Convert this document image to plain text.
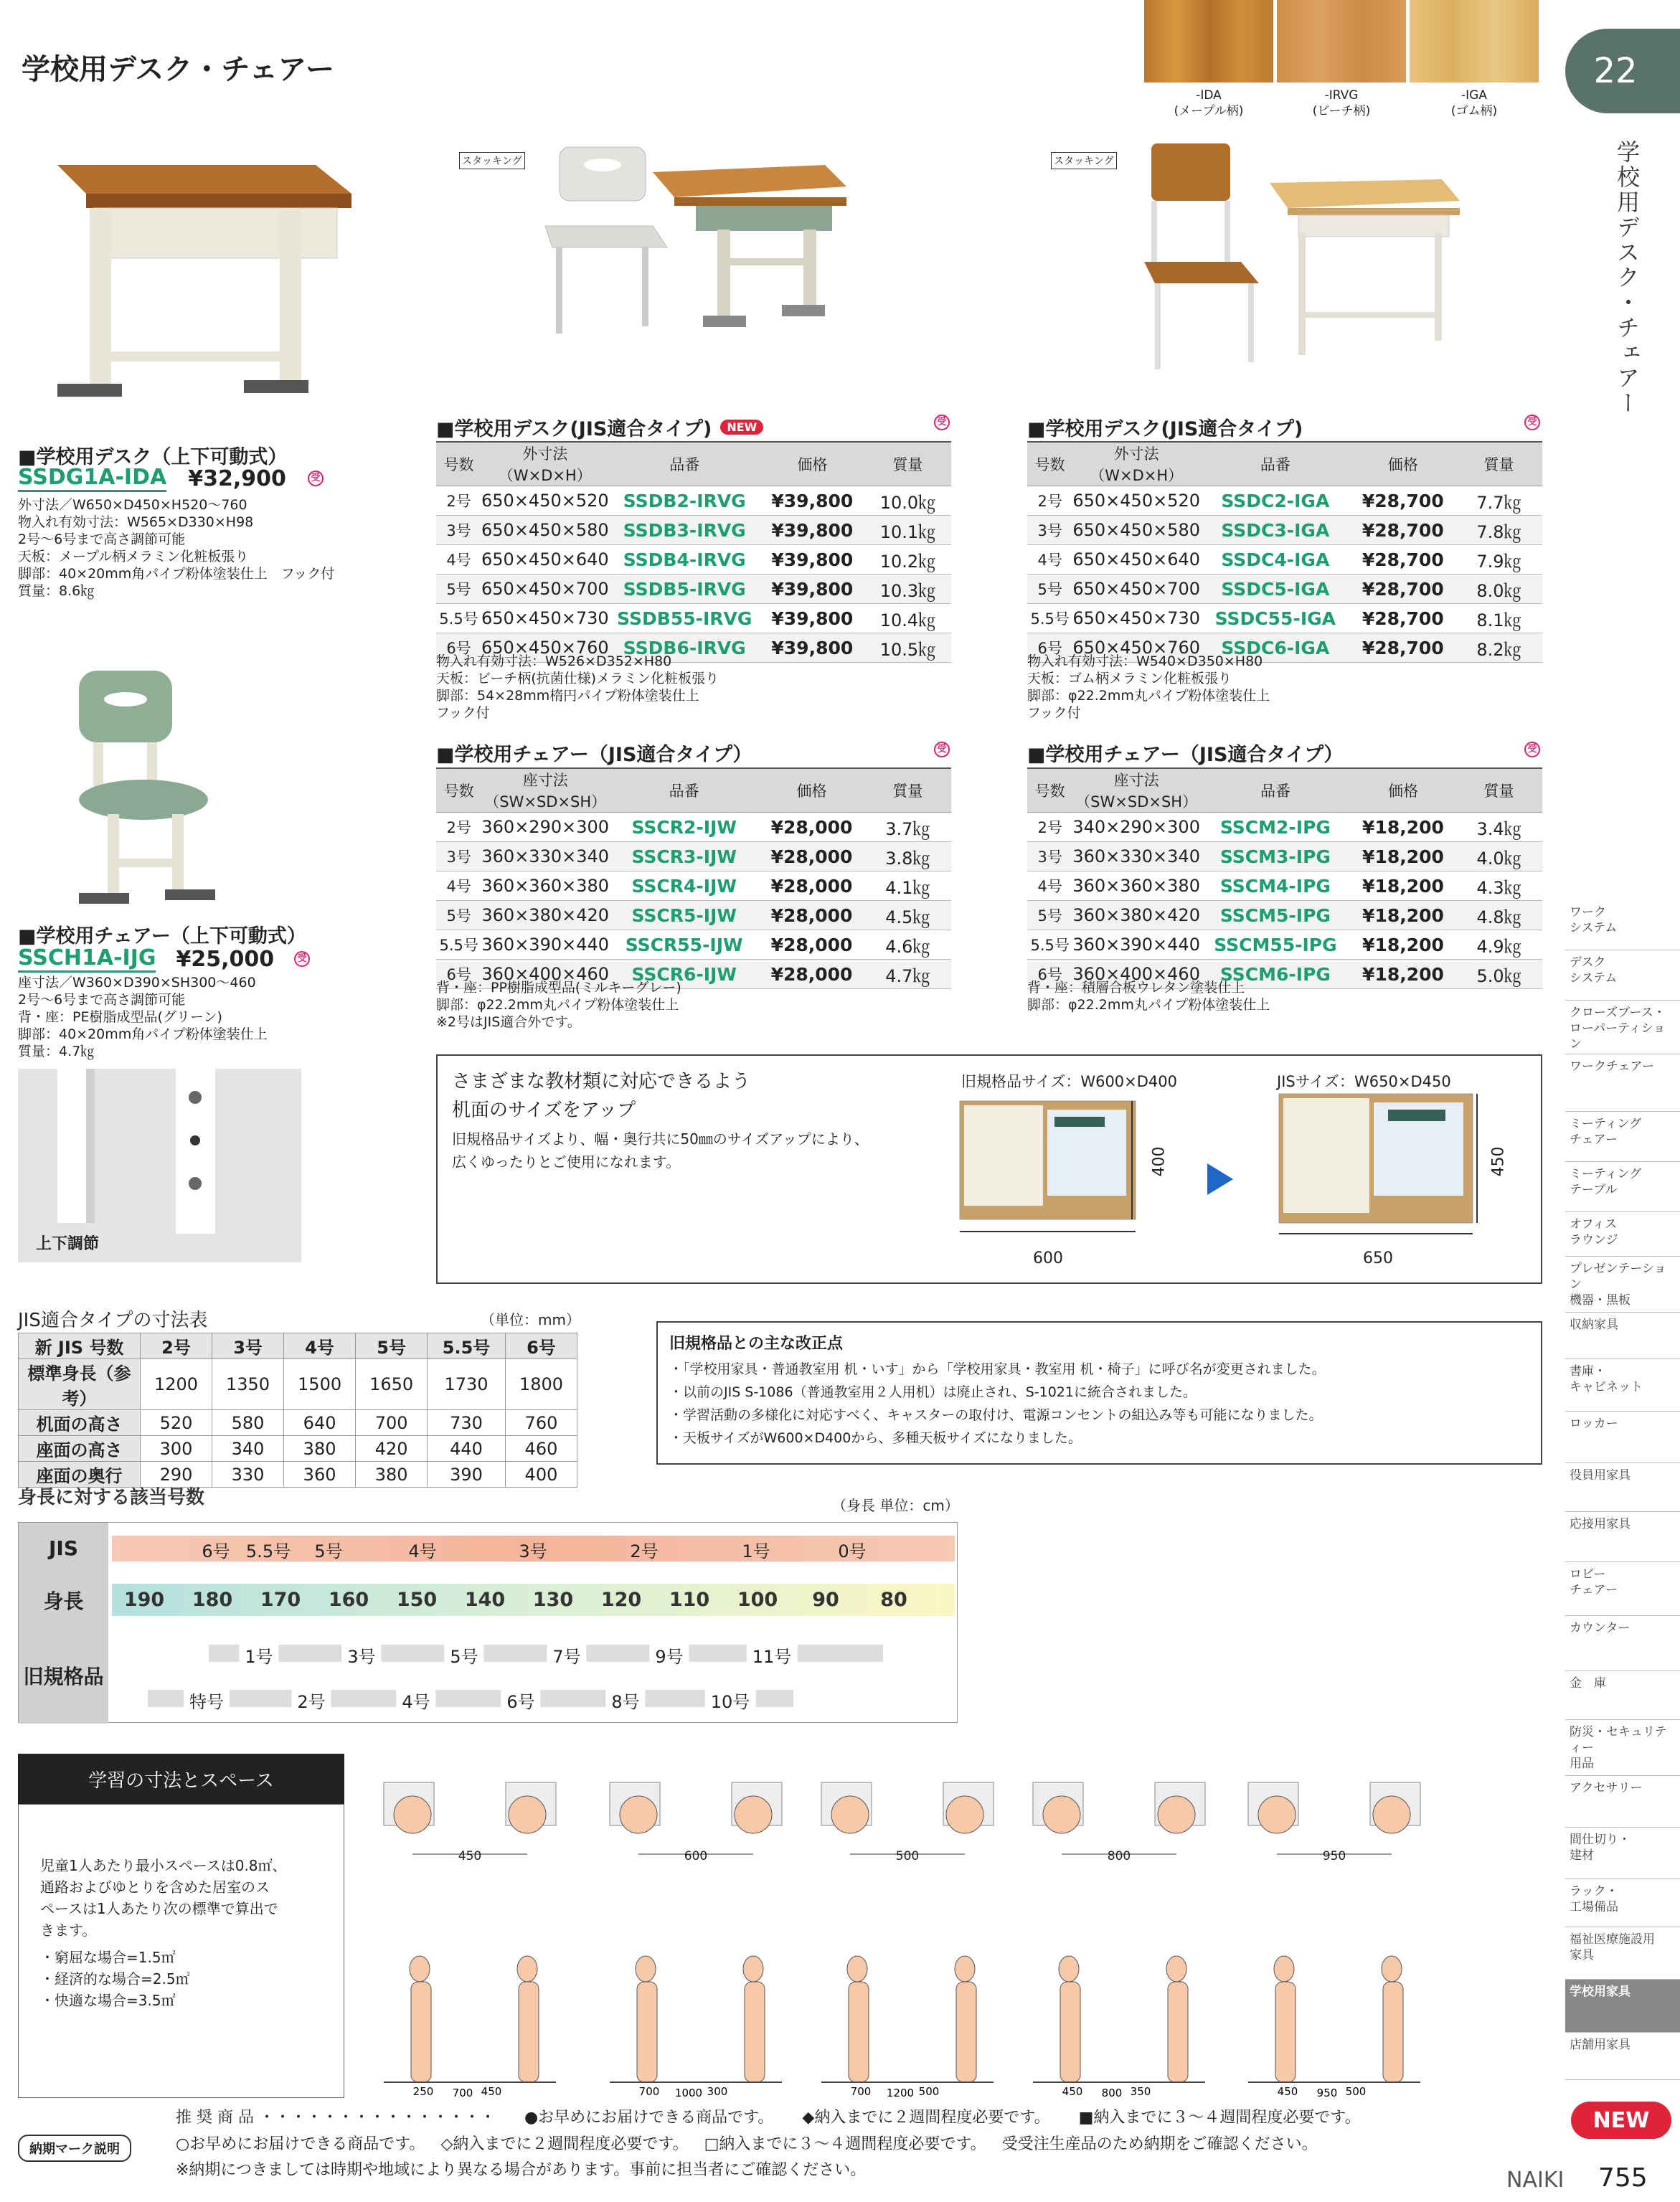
学校用デスク・チェアー
-IDA
(メープル柄)
-IRVG
(ビーチ柄)
-IGA
(ゴム柄)
22
学校用デスク・チェアー
ワーク
システム
デスク
システム
クローズブース・
ローパーティション
ワークチェアー
ミーティング
チェアー
ミーティング
テーブル
オフィス
ラウンジ
プレゼンテーション
機器・黒板
収納家具
書庫・
キャビネット
ロッカー
役員用家具
応接用家具
ロビー
チェアー
カウンター
金　庫
防災・セキュリティー
用品
アクセサリー
間仕切り・
建材
ラック・
工場備品
福祉医療施設用
家具
学校用家具
店舗用家具
■学校用デスク（上下可動式）
SSDG1A-IDA ¥32,900	受
外寸法／W650×D450×H520～760
物入れ有効寸法：W565×D330×H98
2号～6号まで高さ調節可能
天板：メープル柄メラミン化粧板張り
脚部：40×20mm角パイプ粉体塗装仕上　フック付
質量：8.6㎏
■学校用チェアー（上下可動式）
SSCH1A-IJG ¥25,000	受
座寸法／W360×D390×SH300～460
2号～6号まで高さ調節可能
背・座：PE樹脂成型品(グリーン)
脚部：40×20mm角パイプ粉体塗装仕上
質量：4.7㎏
上下調節
スタッキング	スタッキング
■学校用デスク(JIS適合タイプ)	NEW	受
号数	外寸法（W×D×H）	品番	価格	質量
2号	650×450×520	SSDB2-IRVG	¥39,800	10.0㎏
3号	650×450×580	SSDB3-IRVG	¥39,800	10.1㎏
4号	650×450×640	SSDB4-IRVG	¥39,800	10.2㎏
5号	650×450×700	SSDB5-IRVG	¥39,800	10.3㎏
5.5号	650×450×730	SSDB55-IRVG	¥39,800	10.4㎏
6号	650×450×760	SSDB6-IRVG	¥39,800	10.5㎏
物入れ有効寸法：W526×D352×H80
天板：ビーチ柄(抗菌仕様)メラミン化粧板張り
脚部：54×28mm楕円パイプ粉体塗装仕上
フック付
■学校用チェアー（JIS適合タイプ）	受
号数	座寸法（SW×SD×SH）	品番	価格	質量
2号	360×290×300	SSCR2-IJW	¥28,000	3.7㎏
3号	360×330×340	SSCR3-IJW	¥28,000	3.8㎏
4号	360×360×380	SSCR4-IJW	¥28,000	4.1㎏
5号	360×380×420	SSCR5-IJW	¥28,000	4.5㎏
5.5号	360×390×440	SSCR55-IJW	¥28,000	4.6㎏
6号	360×400×460	SSCR6-IJW	¥28,000	4.7㎏
背・座：PP樹脂成型品(ミルキーグレー)
脚部：φ22.2mm丸パイプ粉体塗装仕上
※2号はJIS適合外です。
■学校用デスク(JIS適合タイプ)	受
号数	外寸法（W×D×H）	品番	価格	質量
2号	650×450×520	SSDC2-IGA	¥28,700	7.7㎏
3号	650×450×580	SSDC3-IGA	¥28,700	7.8㎏
4号	650×450×640	SSDC4-IGA	¥28,700	7.9㎏
5号	650×450×700	SSDC5-IGA	¥28,700	8.0㎏
5.5号	650×450×730	SSDC55-IGA	¥28,700	8.1㎏
6号	650×450×760	SSDC6-IGA	¥28,700	8.2㎏
物入れ有効寸法：W540×D350×H80
天板：ゴム柄メラミン化粧板張り
脚部：φ22.2mm丸パイプ粉体塗装仕上
フック付
■学校用チェアー（JIS適合タイプ）	受
号数	座寸法（SW×SD×SH）	品番	価格	質量
2号	340×290×300	SSCM2-IPG	¥18,200	3.4㎏
3号	360×330×340	SSCM3-IPG	¥18,200	4.0㎏
4号	360×360×380	SSCM4-IPG	¥18,200	4.3㎏
5号	360×380×420	SSCM5-IPG	¥18,200	4.8㎏
5.5号	360×390×440	SSCM55-IPG	¥18,200	4.9㎏
6号	360×400×460	SSCM6-IPG	¥18,200	5.0㎏
背・座：積層合板ウレタン塗装仕上
脚部：φ22.2mm丸パイプ粉体塗装仕上
さまざまな教材類に対応できるよう
机面のサイズをアップ
旧規格品サイズより、幅・奥行共に50㎜のサイズアップにより、
広くゆったりとご使用になれます。
旧規格品サイズ：W600×D400	JISサイズ：W650×D450
400
600
450
650
JIS適合タイプの寸法表	（単位：mm）
新 JIS 号数	2号	3号	4号	5号	5.5号	6号
標準身長（参考）	1200	1350	1500	1650	1730	1800
机面の高さ	520	580	640	700	730	760
座面の高さ	300	340	380	420	440	460
座面の奥行	290	330	360	380	390	400
旧規格品との主な改正点
・「学校用家具・普通教室用 机・いす」から「学校用家具・教室用 机・椅子」に呼び名が変更されました。
・以前のJIS S-1086（普通教室用２人用机）は廃止され、S-1021に統合されました。
・学習活動の多様化に対応すべく、キャスターの取付け、電源コンセントの組込み等も可能になりました。
・天板サイズがW600×D400から、多種天板サイズになりました。
身長に対する該当号数	（身長 単位：cm）
JIS
身長
旧規格品
6号 5.5号 5号	4号	3号	2号	1号	0号
190 180 170 160 150 140 130 120 110 100 90 80
1号	3号	5号	7号	9号	11号
特号	2号	4号	6号	8号	10号
学習の寸法とスペース
児童1人あたり最小スペースは0.8㎡、
通路およびゆとりを含めた居室のス
ペースは1人あたり次の標準で算出で
きます。
・窮屈な場合=1.5㎡
・経済的な場合=2.5㎡
・快適な場合=3.5㎡
450
250	450
700
600
700	300
1000
500
700	500
1200
800
450	350
800
950
450	500
950
納期マーク説明
推 奨 商 品 ・・・・・・・・・・・・・・・ ●お早めにお届けできる商品です。 ◆納入までに２週間程度必要です。 ■納入までに３～４週間程度必要です。
○お早めにお届けできる商品です。 ◇納入までに２週間程度必要です。 □納入までに３～４週間程度必要です。 受受注生産品のため納期をご確認ください。
※納期につきましては時期や地域により異なる場合があります。事前に担当者にご確認ください。
NEW
NAIKI 755
